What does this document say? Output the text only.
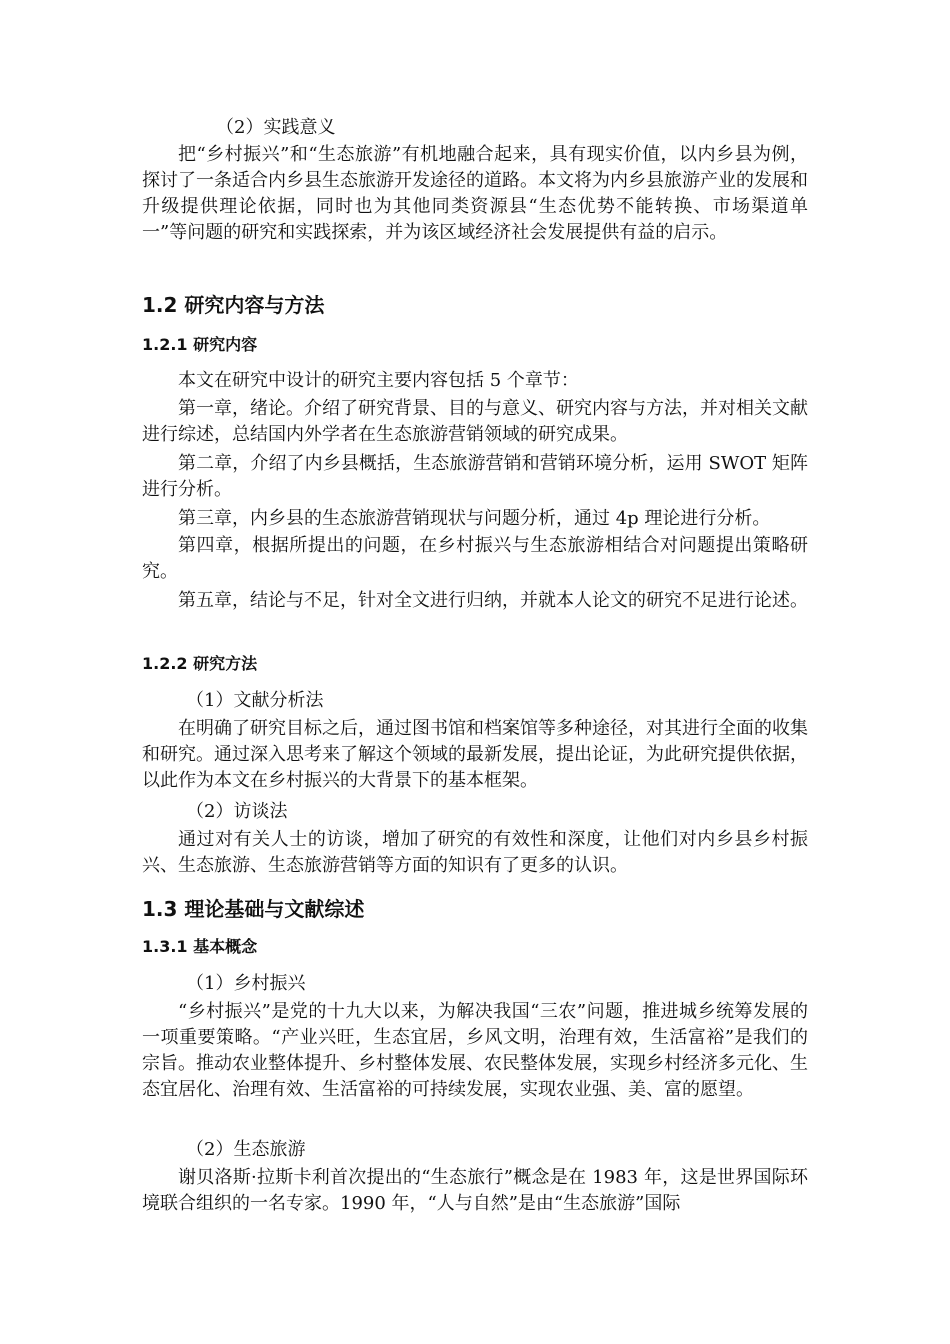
（2）实践意义

把“乡村振兴”和“生态旅游”有机地融合起来，具有现实价值，以内乡县为例，探讨了一条适合内乡县生态旅游开发途径的道路。本文将为内乡县旅游产业的发展和升级提供理论依据，同时也为其他同类资源县“生态优势不能转换、市场渠道单一”等问题的研究和实践探索，并为该区域经济社会发展提供有益的启示。

1.2 研究内容与方法
1.2.1 研究内容

本文在研究中设计的研究主要内容包括 5 个章节：

第一章，绪论。介绍了研究背景、目的与意义、研究内容与方法，并对相关文献进行综述，总结国内外学者在生态旅游营销领域的研究成果。

第二章，介绍了内乡县概括，生态旅游营销和营销环境分析，运用 SWOT 矩阵进行分析。

第三章，内乡县的生态旅游营销现状与问题分析，通过 4p 理论进行分析。

第四章，根据所提出的问题，在乡村振兴与生态旅游相结合对问题提出策略研究。

第五章，结论与不足，针对全文进行归纳，并就本人论文的研究不足进行论述。

1.2.2 研究方法

（1）文献分析法

在明确了研究目标之后，通过图书馆和档案馆等多种途径，对其进行全面的收集和研究。通过深入思考来了解这个领域的最新发展，提出论证，为此研究提供依据，以此作为本文在乡村振兴的大背景下的基本框架。

（2）访谈法

通过对有关人士的访谈，增加了研究的有效性和深度，让他们对内乡县乡村振兴、生态旅游、生态旅游营销等方面的知识有了更多的认识。

1.3 理论基础与文献综述
1.3.1 基本概念

（1）乡村振兴

“乡村振兴”是党的十九大以来，为解决我国“三农”问题，推进城乡统筹发展的一项重要策略。“产业兴旺，生态宜居，乡风文明，治理有效，生活富裕”是我们的宗旨。推动农业整体提升、乡村整体发展、农民整体发展，实现乡村经济多元化、生态宜居化、治理有效、生活富裕的可持续发展，实现农业强、美、富的愿望。

（2）生态旅游

谢贝洛斯·拉斯卡利首次提出的“生态旅行”概念是在 1983 年，这是世界国际环境联合组织的一名专家。1990 年，“人与自然”是由“生态旅游”国际
